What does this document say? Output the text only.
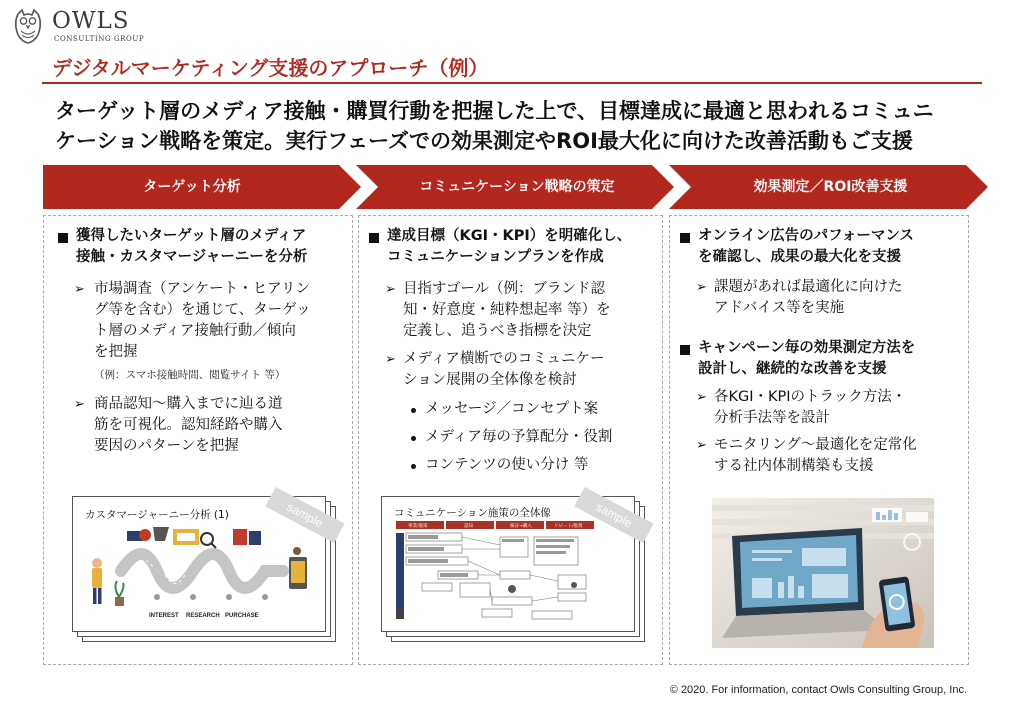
OWLS
CONSULTING GROUP
デジタルマーケティング支援のアプローチ（例）
ターゲット層のメディア接触・購買行動を把握した上で、目標達成に最適と思われるコミュニ
ケーション戦略を策定。実行フェーズでの効果測定やROI最大化に向けた改善活動もご支援
ターゲット分析	コミュニケーション戦略の策定	効果測定／ROI改善支援
獲得したいターゲット層のメディア
接触・カスタマージャーニーを分析
➢ 市場調査（アンケート・ヒアリン
グ等を含む）を通じて、ターゲッ
ト層のメディア接触行動／傾向
を把握
（例：スマホ接触時間、閲覧サイト 等）
➢ 商品認知～購入までに辿る道
筋を可視化。認知経路や購入
要因のパターンを把握
カスタマージャーニー分析 (1)
INTEREST RESEARCH PURCHASE
sample
達成目標（KGI・KPI）を明確化し、
コミュニケーションプランを作成
➢ 目指すゴール（例：ブランド認
知・好意度・純粋想起率 等）を
定義し、追うべき指標を決定
➢ メディア横断でのコミュニケー
ション展開の全体像を検討
メッセージ／コンセプト案
メディア毎の予算配分・役割
コンテンツの使い分け 等
コミュニケーション施策の全体像
事業/施策	認知	検討→購入	リピート/推奨 sample
オンライン広告のパフォーマンス
を確認し、成果の最大化を支援
➢ 課題があれば最適化に向けた
アドバイス等を実施
キャンペーン毎の効果測定方法を
設計し、継続的な改善を支援
➢ 各KGI・KPIのトラック方法・
分析手法等を設計
➢ モニタリング～最適化を定常化
する社内体制構築も支援
© 2020. For information, contact Owls Consulting Group, Inc.
